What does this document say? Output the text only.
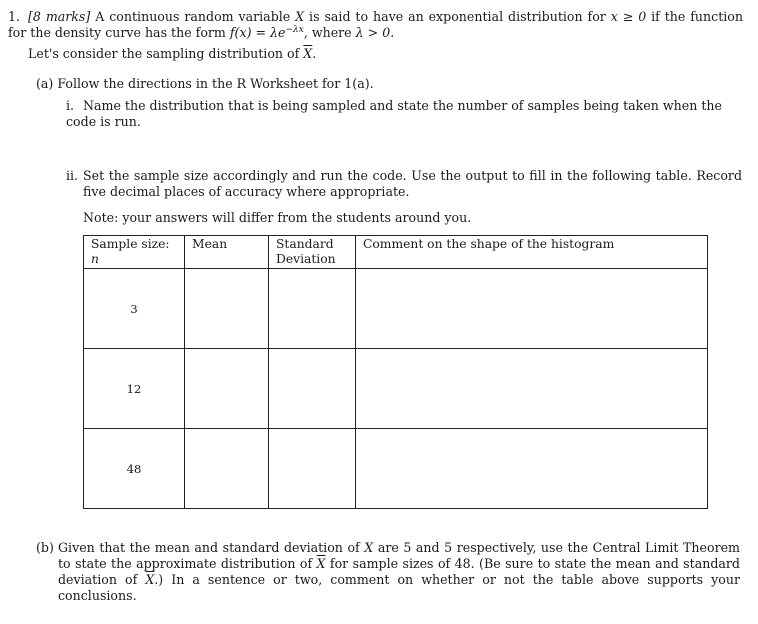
1. [8 marks] A continuous random variable X is said to have an exponential distribution for x ≥ 0 if the function for the density curve has the form $f(x) = \lambda e^{-\lambda x}$, where λ > 0.
Let's consider the sampling distribution of $\overline{X}$.
(a) Follow the directions in the R Worksheet for 1(a).
i. Name the distribution that is being sampled and state the number of samples being taken when the code is run.
ii. Set the sample size accordingly and run the code. Use the output to fill in the following table. Record five decimal places of accuracy where appropriate.
Note: your answers will differ from the students around you.
Sample size: n	Mean	Standard Deviation	Comment on the shape of the histogram
3			
12			
48			
(b) Given that the mean and standard deviation of X are 5 and 5 respectively, use the Central Limit Theorem to state the approximate distribution of $\overline{X}$ for sample sizes of 48. (Be sure to state the mean and standard deviation of $\overline{X}$.) In a sentence or two, comment on whether or not the table above supports your conclusions.
